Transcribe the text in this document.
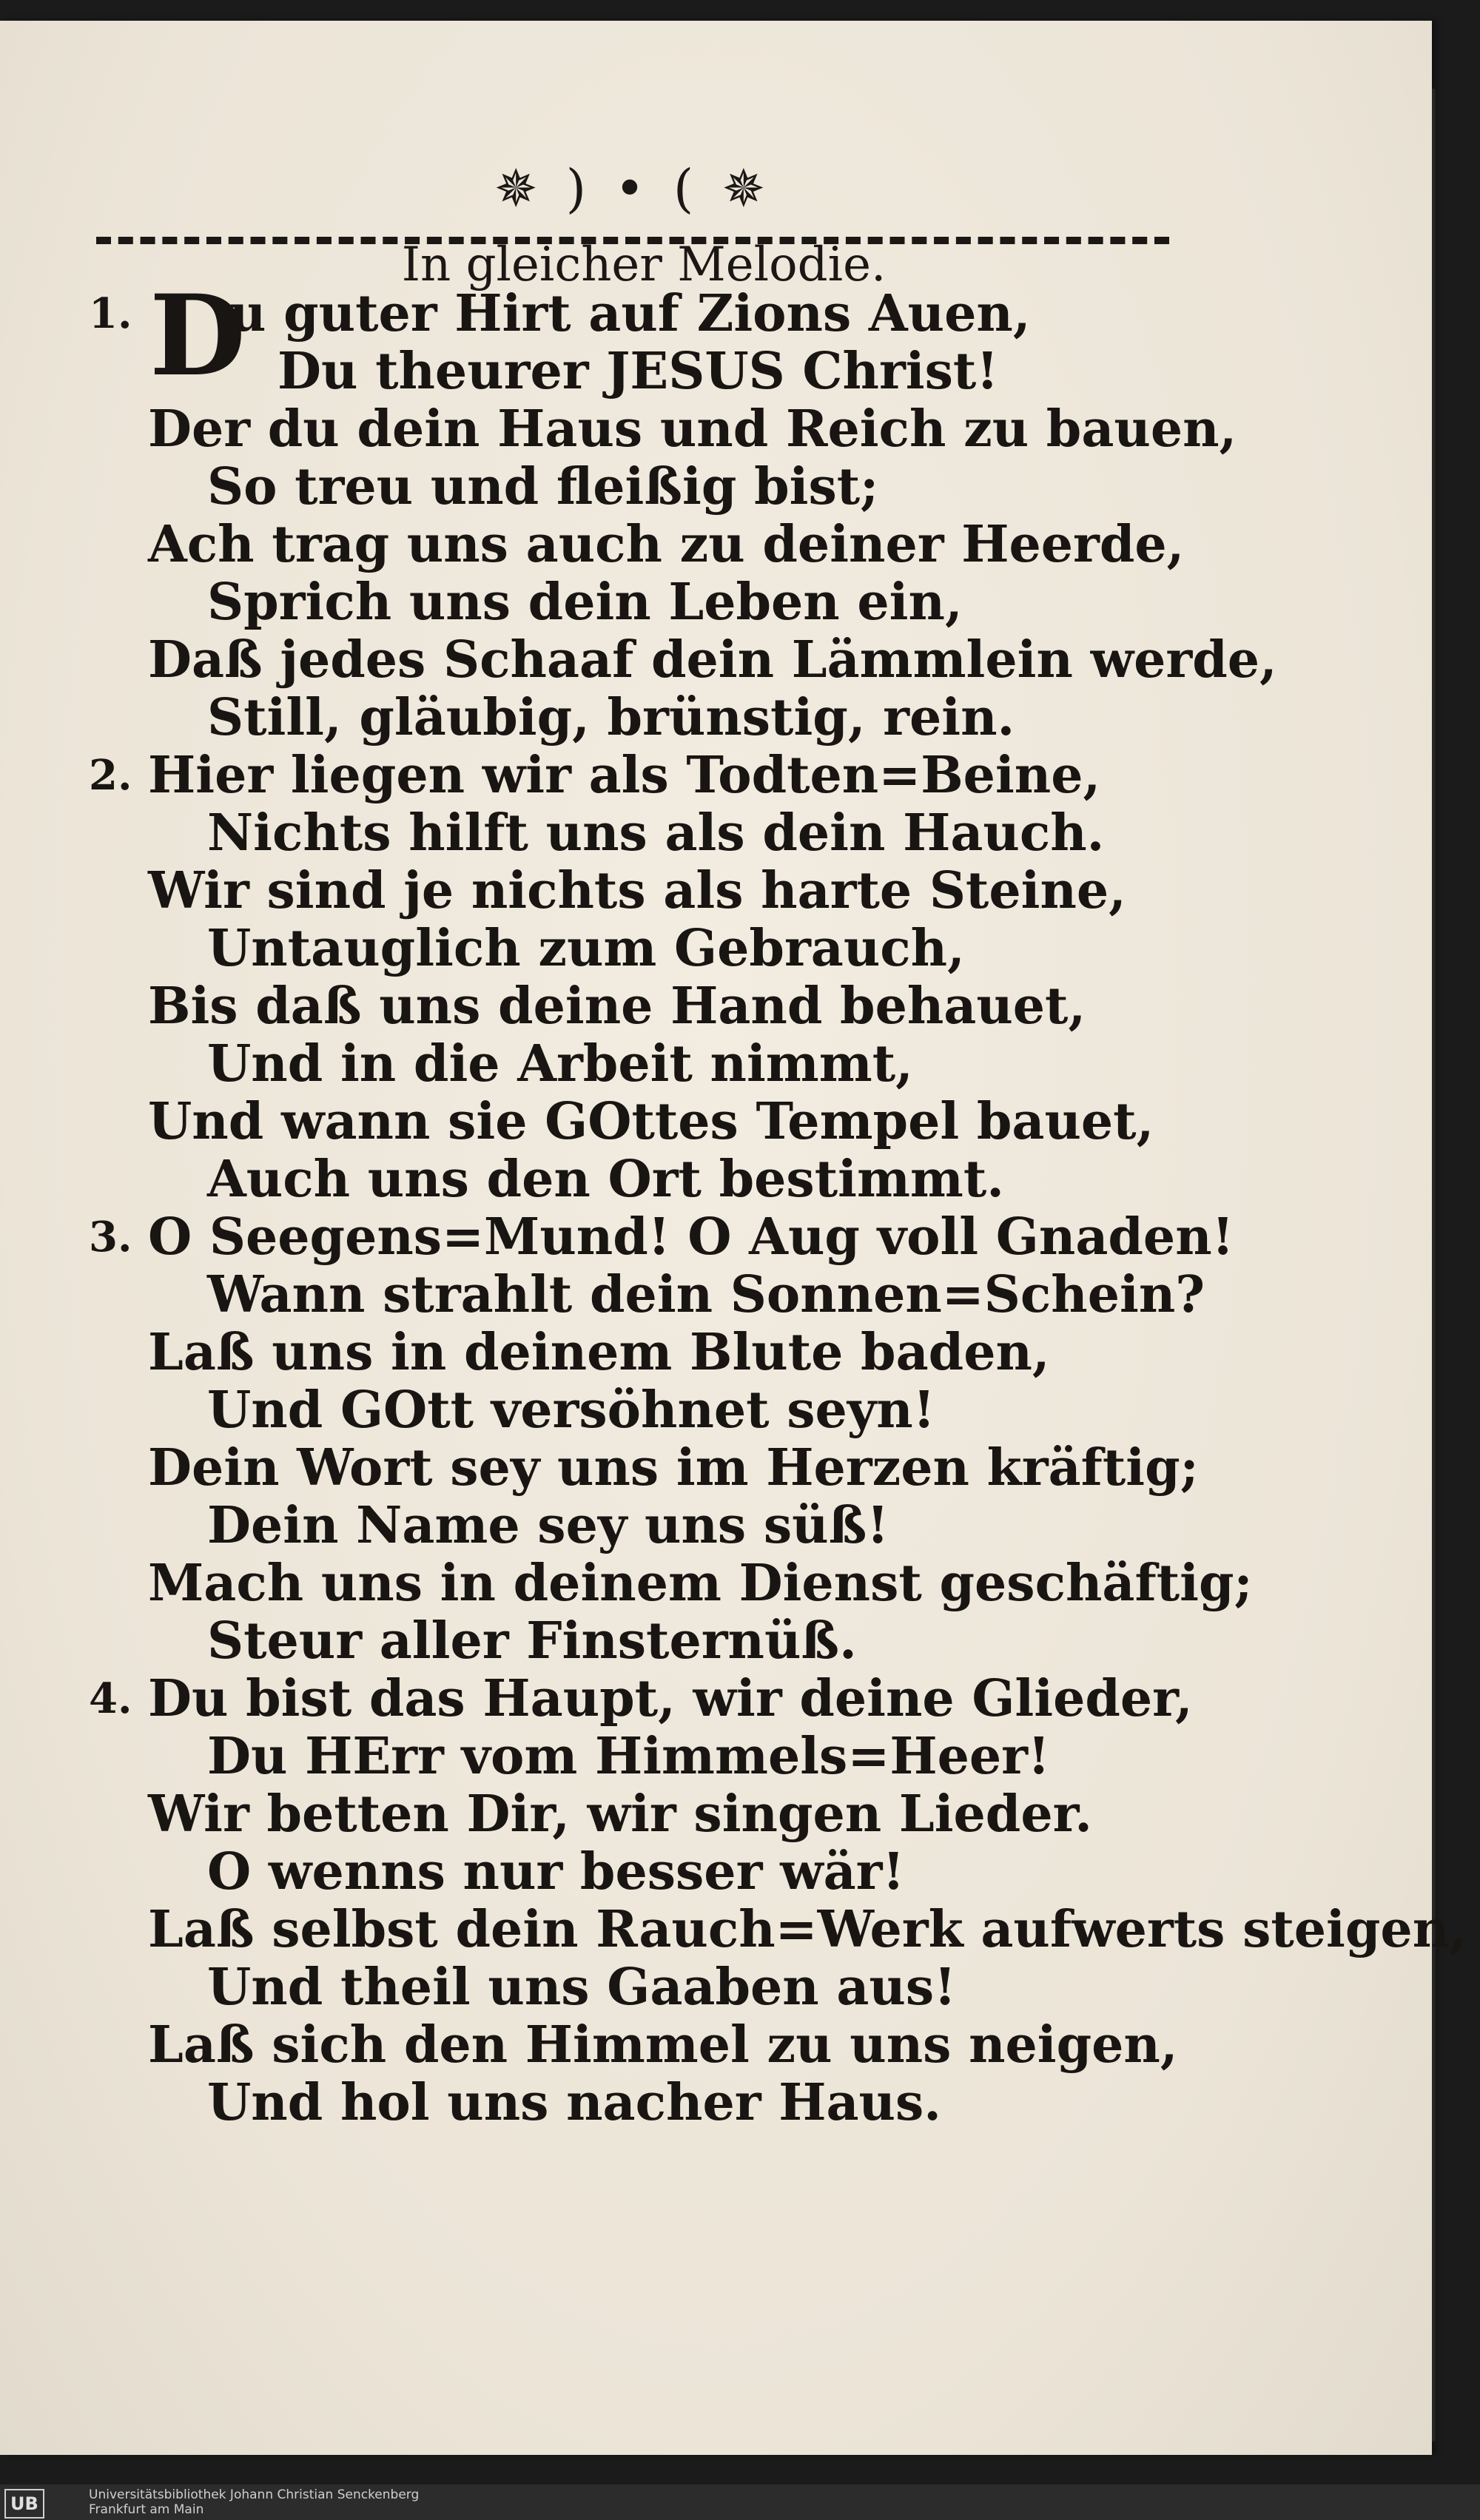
✵ ) • ( ✵
In gleicher Melodie.
1. D
u guter Hirt auf Zions Auen,
Du theurer JESUS Christ!
Der du dein Haus und Reich zu bauen,
So treu und fleißig bist;
Ach trag uns auch zu deiner Heerde,
Sprich uns dein Leben ein,
Daß jedes Schaaf dein Lämmlein werde,
Still, gläubig, brünstig, rein.
2. Hier liegen wir als Todten=Beine,
Nichts hilft uns als dein Hauch.
Wir sind je nichts als harte Steine,
Untauglich zum Gebrauch,
Bis daß uns deine Hand behauet,
Und in die Arbeit nimmt,
Und wann sie GOttes Tempel bauet,
Auch uns den Ort bestimmt.
3. O Seegens=Mund! O Aug voll Gnaden!
Wann strahlt dein Sonnen=Schein?
Laß uns in deinem Blute baden,
Und GOtt versöhnet seyn!
Dein Wort sey uns im Herzen kräftig;
Dein Name sey uns süß!
Mach uns in deinem Dienst geschäftig;
Steur aller Finsternüß.
4. Du bist das Haupt, wir deine Glieder,
Du HErr vom Himmels=Heer!
Wir betten Dir, wir singen Lieder.
O wenns nur besser wär!
Laß selbst dein Rauch=Werk aufwerts steigen,
Und theil uns Gaaben aus!
Laß sich den Himmel zu uns neigen,
Und hol uns nacher Haus.
UB	Universitätsbibliothek Johann Christian Senckenberg
Frankfurt am Main
